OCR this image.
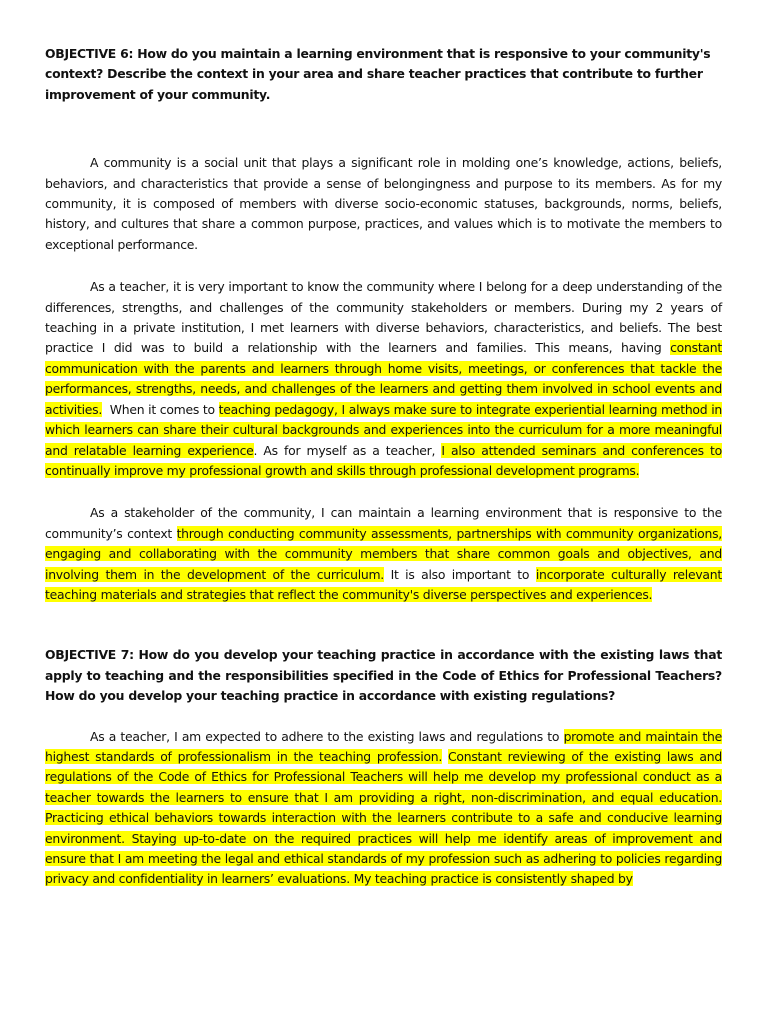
OBJECTIVE 6: How do you maintain a learning environment that is responsive to your community's context? Describe the context in your area and share teacher practices that contribute to further improvement of your community.

A community is a social unit that plays a significant role in molding one’s knowledge, actions, beliefs, behaviors, and characteristics that provide a sense of belongingness and purpose to its members. As for my community, it is composed of members with diverse socio-economic statuses, backgrounds, norms, beliefs, history, and cultures that share a common purpose, practices, and values which is to motivate the members to exceptional performance.

As a teacher, it is very important to know the community where I belong for a deep understanding of the differences, strengths, and challenges of the community stakeholders or members. During my 2 years of teaching in a private institution, I met learners with diverse behaviors, characteristics, and beliefs. The best practice I did was to build a relationship with the learners and families. This means, having constant communication with the parents and learners through home visits, meetings, or conferences that tackle the performances, strengths, needs, and challenges of the learners and getting them involved in school events and activities.  When it comes to teaching pedagogy, I always make sure to integrate experiential learning method in which learners can share their cultural backgrounds and experiences into the curriculum for a more meaningful and relatable learning experience. As for myself as a teacher, I also attended seminars and conferences to continually improve my professional growth and skills through professional development programs.

As a stakeholder of the community, I can maintain a learning environment that is responsive to the community’s context through conducting community assessments, partnerships with community organizations, engaging and collaborating with the community members that share common goals and objectives, and involving them in the development of the curriculum. It is also important to incorporate culturally relevant teaching materials and strategies that reflect the community's diverse perspectives and experiences.

OBJECTIVE 7: How do you develop your teaching practice in accordance with the existing laws that apply to teaching and the responsibilities specified in the Code of Ethics for Professional Teachers? How do you develop your teaching practice in accordance with existing regulations?

As a teacher, I am expected to adhere to the existing laws and regulations to promote and maintain the highest standards of professionalism in the teaching profession. Constant reviewing of the existing laws and regulations of the Code of Ethics for Professional Teachers will help me develop my professional conduct as a teacher towards the learners to ensure that I am providing a right, non-discrimination, and equal education. Practicing ethical behaviors towards interaction with the learners contribute to a safe and conducive learning environment. Staying up-to-date on the required practices will help me identify areas of improvement and ensure that I am meeting the legal and ethical standards of my profession such as adhering to policies regarding privacy and confidentiality in learners’ evaluations. My teaching practice is consistently shaped by
